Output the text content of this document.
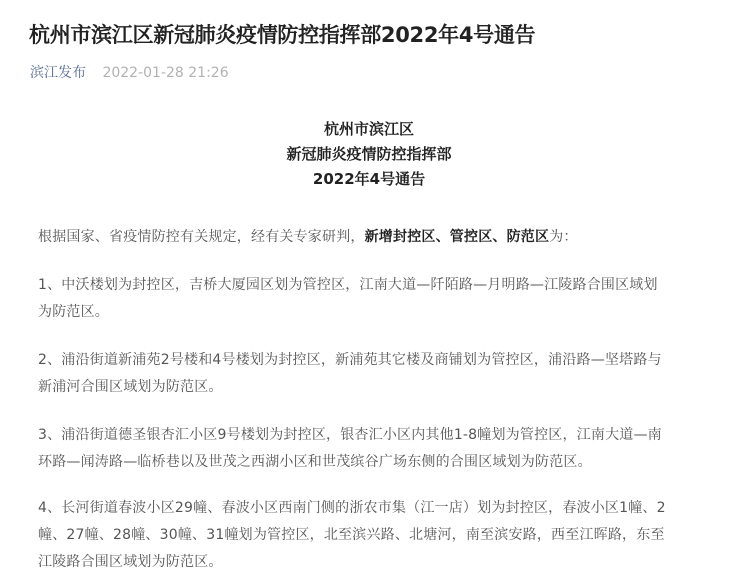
杭州市滨江区新冠肺炎疫情防控指挥部2022年4号通告
滨江发布 2022-01-28 21:26
杭州市滨江区
新冠肺炎疫情防控指挥部
2022年4号通告
根据国家、省疫情防控有关规定，经有关专家研判，新增封控区、管控区、防范区为：
1、中沃楼划为封控区，吉桥大厦园区划为管控区，江南大道—阡陌路—月明路—江陵路合围区域划
为防范区。
2、浦沿街道新浦苑2号楼和4号楼划为封控区，新浦苑其它楼及商铺划为管控区，浦沿路—坚塔路与
新浦河合围区域划为防范区。
3、浦沿街道德圣银杏汇小区9号楼划为封控区，银杏汇小区内其他1-8幢划为管控区，江南大道—南
环路—闻涛路—临桥巷以及世茂之西湖小区和世茂缤谷广场东侧的合围区域划为防范区。
4、长河街道春波小区29幢、春波小区西南门侧的浙农市集（江一店）划为封控区，春波小区1幢、2
幢、27幢、28幢、30幢、31幢划为管控区，北至滨兴路、北塘河，南至滨安路，西至江晖路，东至
江陵路合围区域划为防范区。
